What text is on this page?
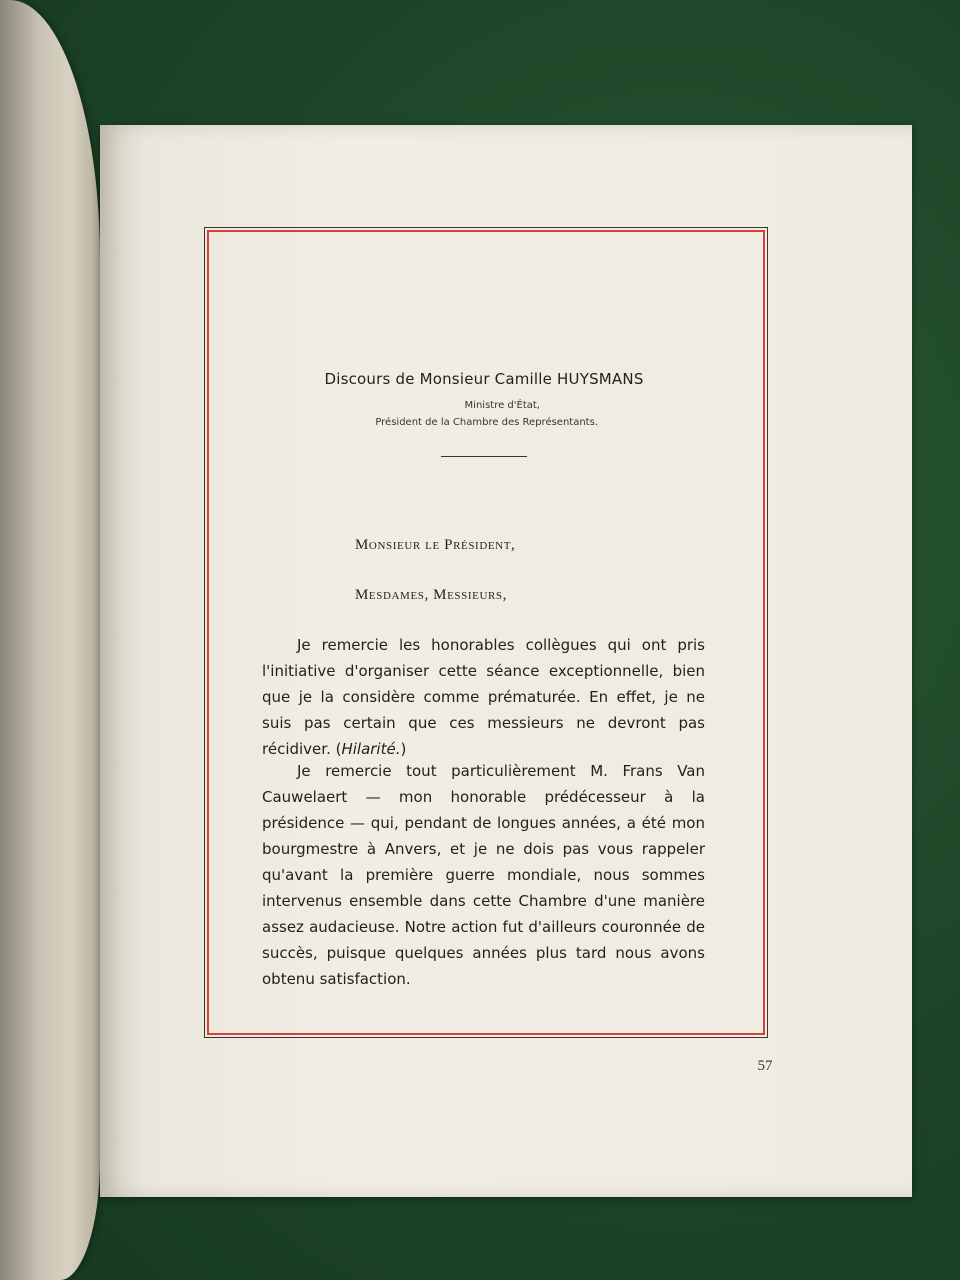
Discours de Monsieur Camille HUYSMANS
Ministre d'État,
Président de la Chambre des Représentants.
Monsieur le Président,
Mesdames, Messieurs,

Je remercie les honorables collègues qui ont pris l'initiative d'organiser cette séance exceptionnelle, bien que je la considère comme prématurée. En effet, je ne suis pas certain que ces messieurs ne devront pas récidiver. (Hilarité.)

Je remercie tout particulièrement M. Frans Van Cauwelaert — mon honorable prédécesseur à la présidence — qui, pendant de longues années, a été mon bourgmestre à Anvers, et je ne dois pas vous rappeler qu'avant la première guerre mondiale, nous sommes intervenus ensemble dans cette Chambre d'une manière assez audacieuse. Notre action fut d'ailleurs couronnée de succès, puisque quelques années plus tard nous avons obtenu satisfaction.

57
